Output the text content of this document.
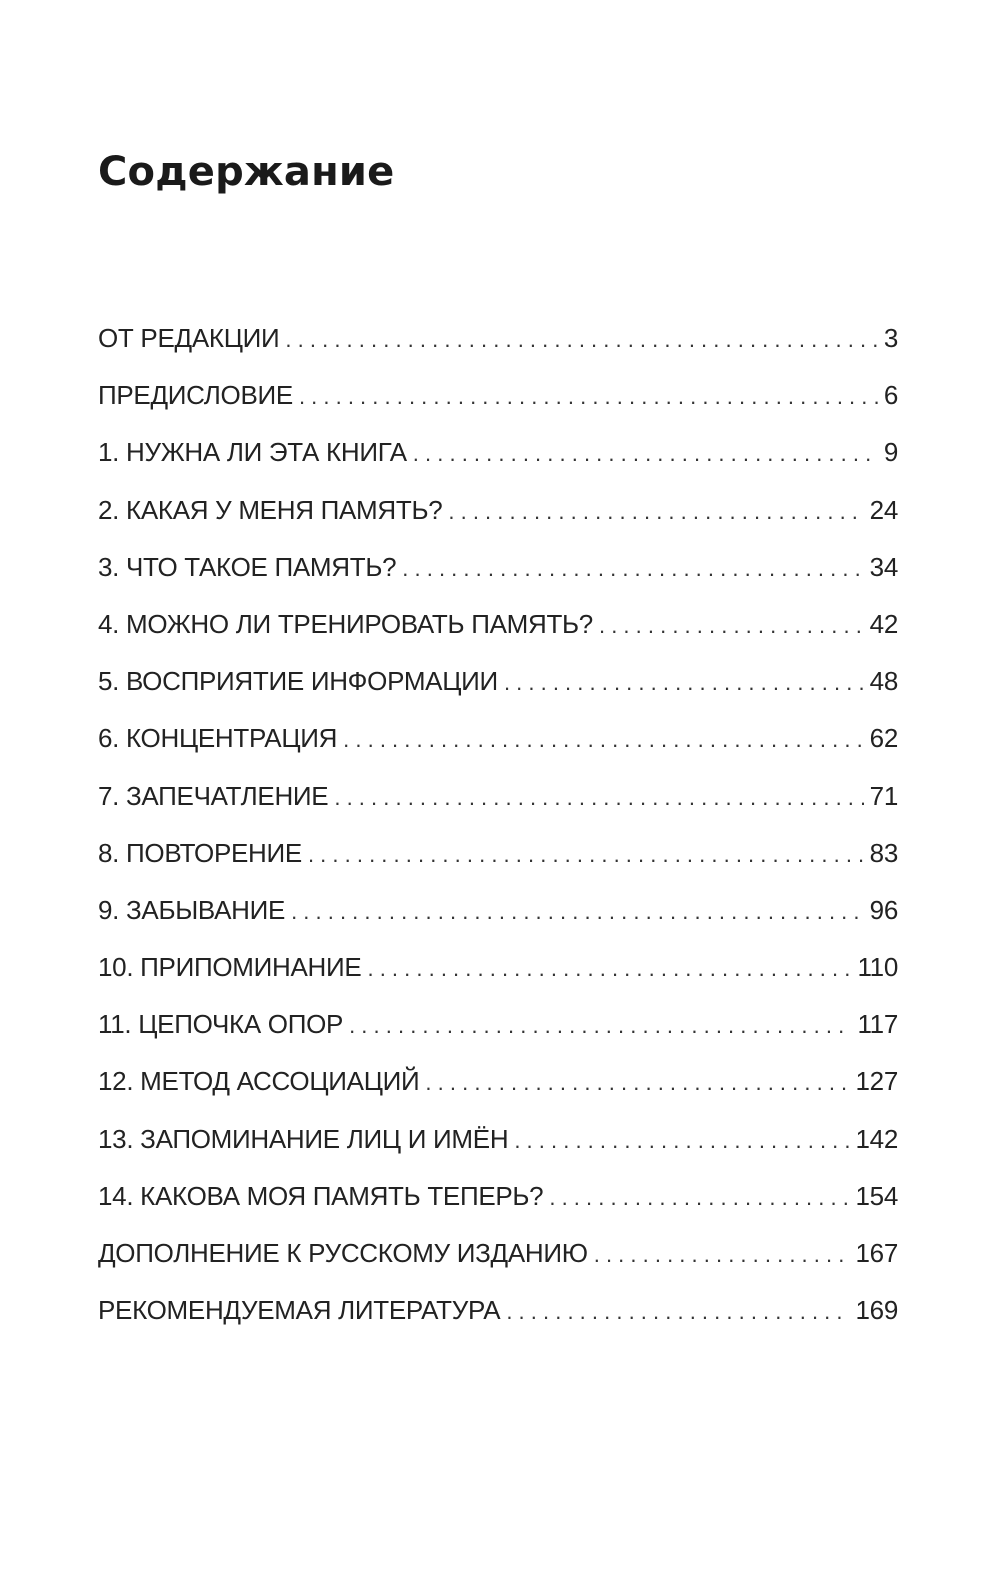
Содержание
ОТ РЕДАКЦИИ . . .	3
ПРЕДИСЛОВИЕ . . .	6
1. НУЖНА ЛИ ЭТА КНИГА . . .	9
2. КАКАЯ У МЕНЯ ПАМЯТЬ? . . .	24
3. ЧТО ТАКОЕ ПАМЯТЬ? . . .	34
4. МОЖНО ЛИ ТРЕНИРОВАТЬ ПАМЯТЬ? . . .	42
5. ВОСПРИЯТИЕ ИНФОРМАЦИИ . . .	48
6. КОНЦЕНТРАЦИЯ . . .	62
7. ЗАПЕЧАТЛЕНИЕ . . .	71
8. ПОВТОРЕНИЕ . . .	83
9. ЗАБЫВАНИЕ . . .	96
10. ПРИПОМИНАНИЕ . . .	110
11. ЦЕПОЧКА ОПОР . . .	117
12. МЕТОД АССОЦИАЦИЙ . . .	127
13. ЗАПОМИНАНИЕ ЛИЦ И ИМЁН . . .	142
14. КАКОВА МОЯ ПАМЯТЬ ТЕПЕРЬ? . . .	154
ДОПОЛНЕНИЕ К РУССКОМУ ИЗДАНИЮ . . .	167
РЕКОМЕНДУЕМАЯ ЛИТЕРАТУРА . . .	169
